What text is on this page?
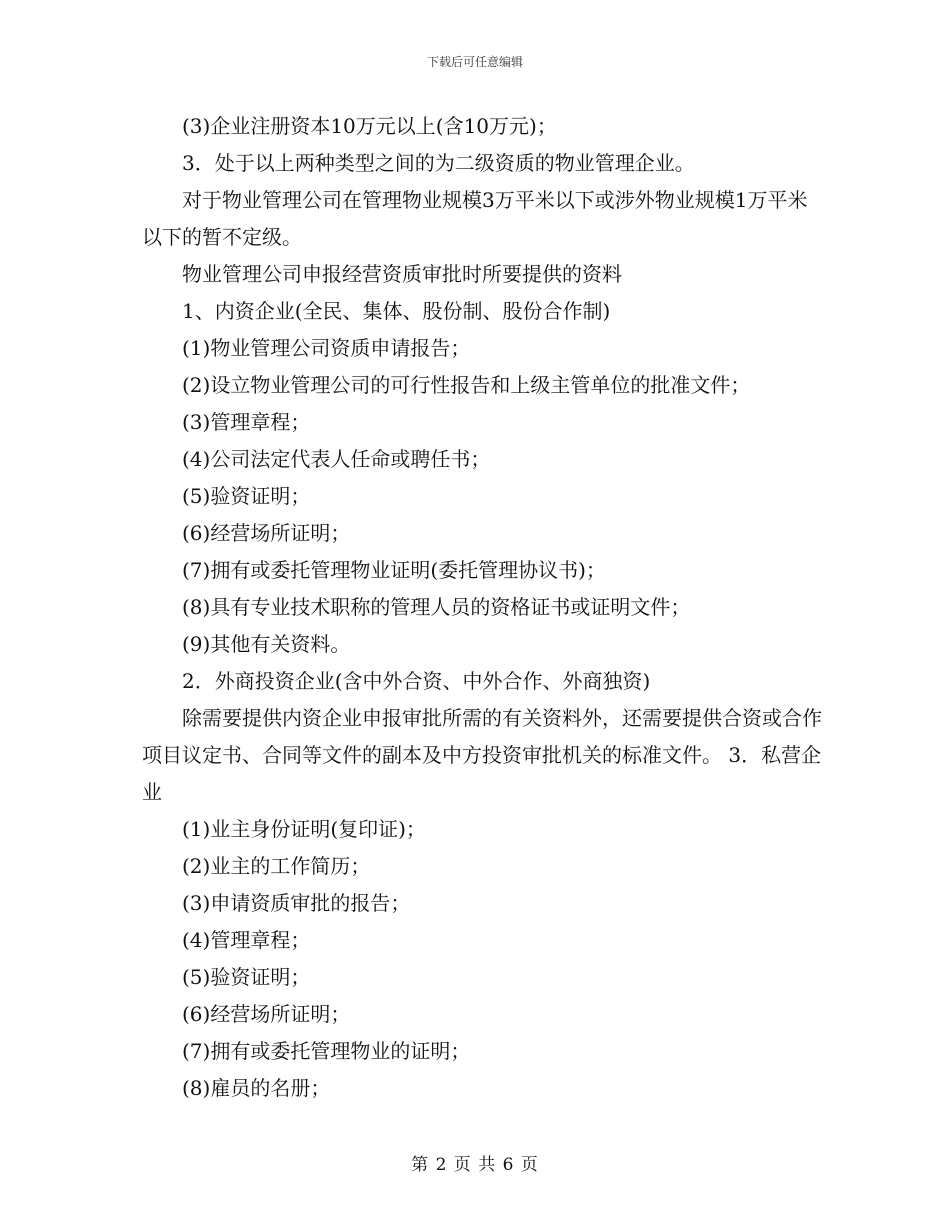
下载后可任意编辑

(3)企业注册资本10万元以上(含10万元)；

3．处于以上两种类型之间的为二级资质的物业管理企业。

对于物业管理公司在管理物业规模3万平米以下或涉外物业规模1万平米以下的暂不定级。

物业管理公司申报经营资质审批时所要提供的资料

1、内资企业(全民、集体、股份制、股份合作制)

(1)物业管理公司资质申请报告；

(2)设立物业管理公司的可行性报告和上级主管单位的批准文件；

(3)管理章程；

(4)公司法定代表人任命或聘任书；

(5)验资证明；

(6)经营场所证明；

(7)拥有或委托管理物业证明(委托管理协议书)；

(8)具有专业技术职称的管理人员的资格证书或证明文件；

(9)其他有关资料。

2．外商投资企业(含中外合资、中外合作、外商独资)

除需要提供内资企业申报审批所需的有关资料外，还需要提供合资或合作项目议定书、合同等文件的副本及中方投资审批机关的标准文件。 3．私营企业

(1)业主身份证明(复印证)；

(2)业主的工作简历；

(3)申请资质审批的报告；

(4)管理章程；

(5)验资证明；

(6)经营场所证明；

(7)拥有或委托管理物业的证明；

(8)雇员的名册；

第 2 页 共 6 页
